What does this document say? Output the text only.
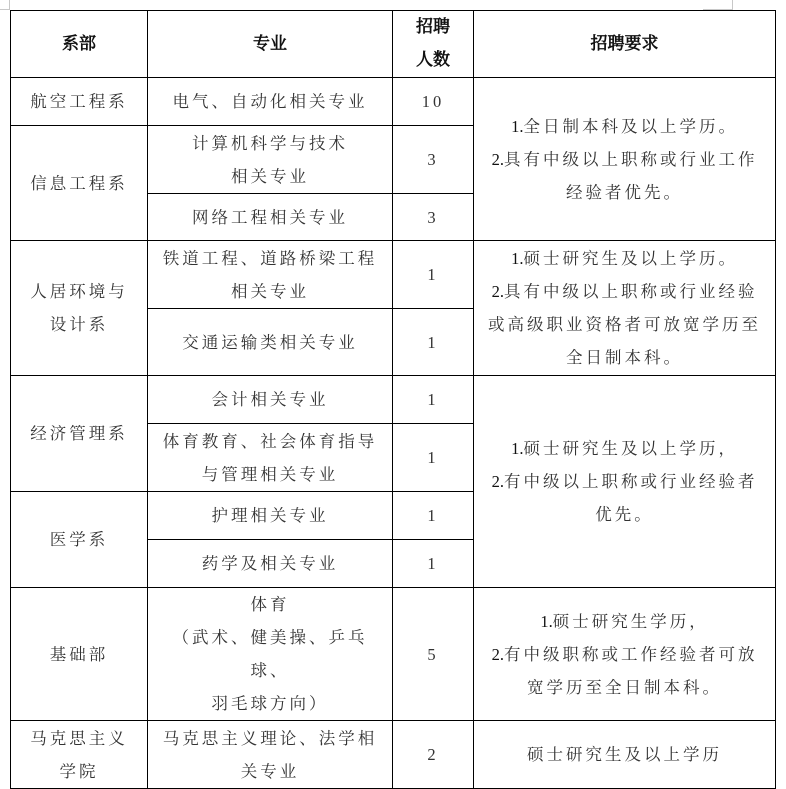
系部	专业	招聘
人数	招聘要求
航空工程系	电气、自动化相关专业	10	1.全日制本科及以上学历。
2.具有中级以上职称或行业工作
经验者优先。

信息工程系	计算机科学与技术
相关专业	3	
	网络工程相关专业	3	

人居环境与
设计系	铁道工程、道路桥梁工程
相关专业	1	1.硕士研究生及以上学历。
2.具有中级以上职称或行业经验
或高级职业资格者可放宽学历至
全日制本科。

	交通运输类相关专业	1	
经济管理系	会计相关专业	1	1.硕士研究生及以上学历，
2.有中级以上职称或行业经验者
优先。

	体育教育、社会体育指导
与管理相关专业	1	
医学系	护理相关专业	1	
	药学及相关专业	1	
基础部	体育
（武术、健美操、乒乓球、
羽毛球方向）	5	1.硕士研究生学历，
2.有中级职称或工作经验者可放
宽学历至全日制本科。

马克思主义
学院	马克思主义理论、法学相
关专业	2	硕士研究生及以上学历
